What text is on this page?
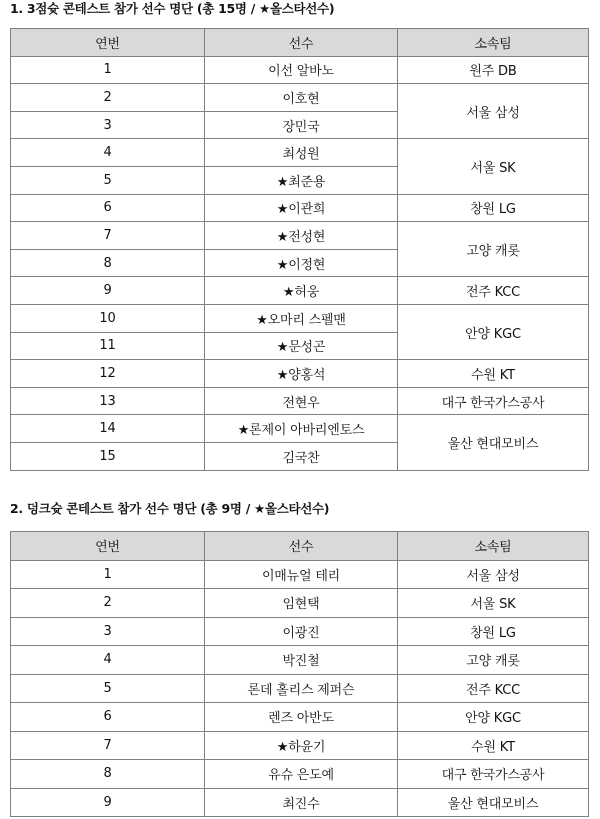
1. 3점슛 콘테스트 참가 선수 명단 (총 15명 / ★올스타선수)
연번	선수	소속팀
1	이선 알바노	원주 DB
2	이호현	서울 삼성
3	장민국	
4	최성원	서울 SK
5	★최준용	
6	★이관희	창원 LG
7	★전성현	고양 캐롯
8	★이정현	
9	★허웅	전주 KCC
10	★오마리 스펠맨	안양 KGC
11	★문성곤	
12	★양홍석	수원 KT
13	전현우	대구 한국가스공사
14	★론제이 아바리엔토스	울산 현대모비스
15	김국찬	
2. 덩크슛 콘테스트 참가 선수 명단 (총 9명 / ★올스타선수)
연번	선수	소속팀
1	이매뉴얼 테리	서울 삼성
2	임현택	서울 SK
3	이광진	창원 LG
4	박진철	고양 캐롯
5	론데 홀리스 제퍼슨	전주 KCC
6	렌즈 아반도	안양 KGC
7	★하윤기	수원 KT
8	유슈 은도예	대구 한국가스공사
9	최진수	울산 현대모비스
